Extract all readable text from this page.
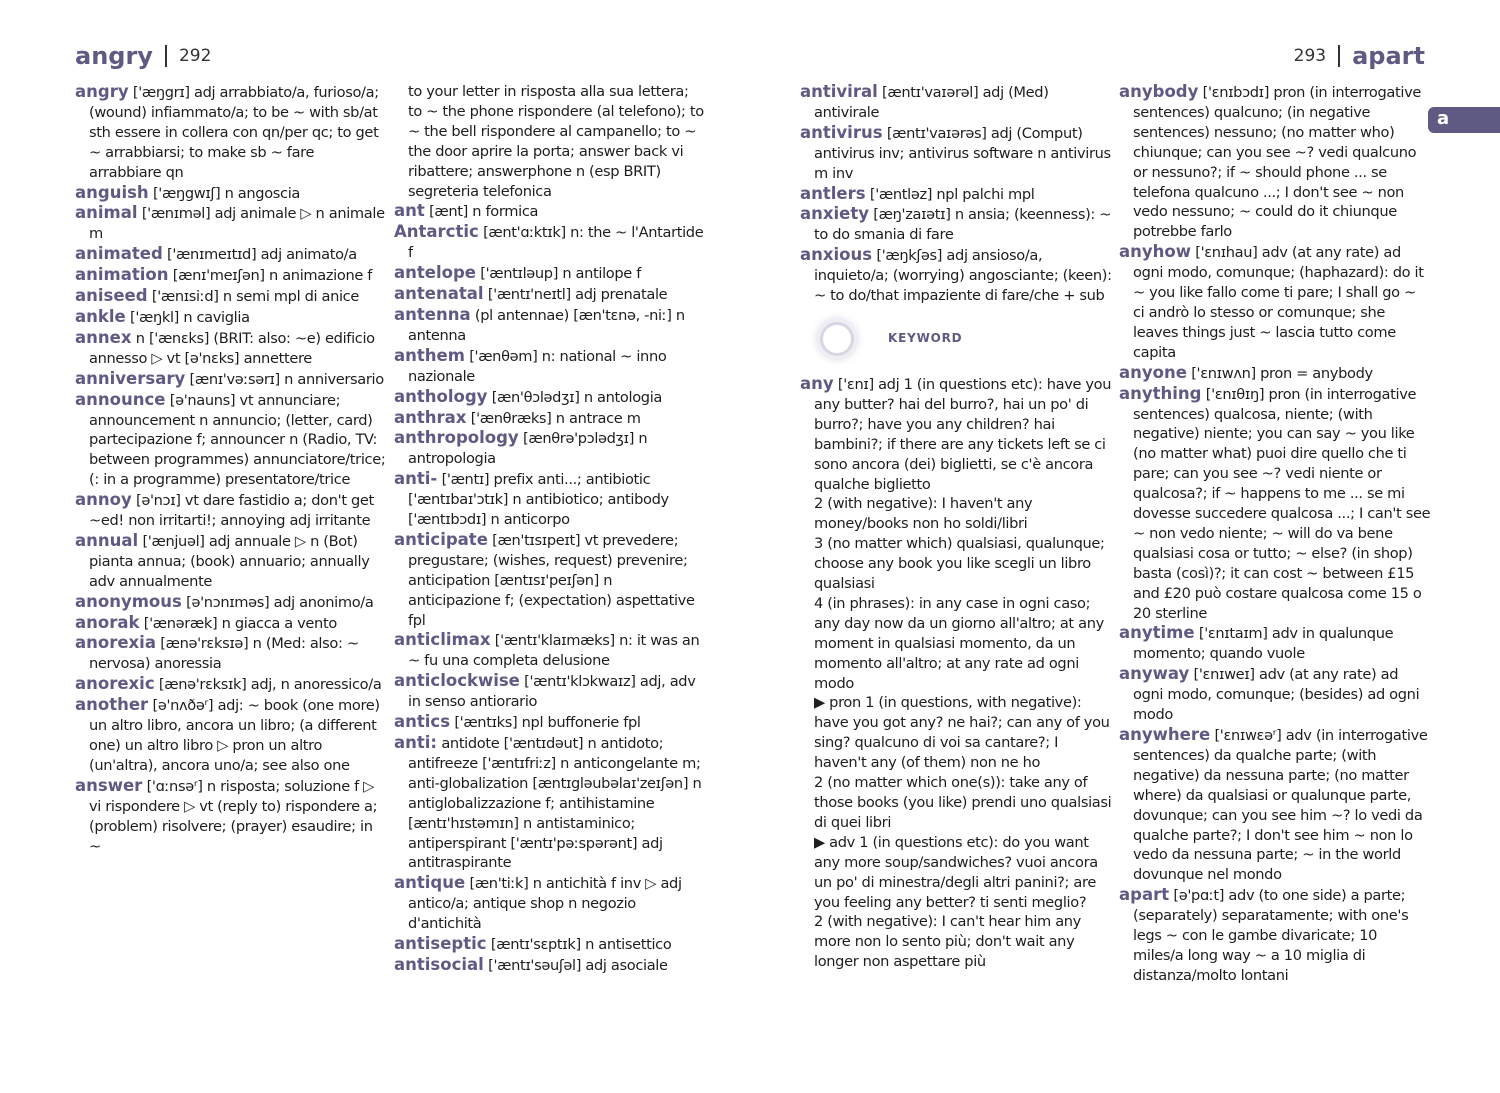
angry 292	293 apart
a

angry ['æŋgrɪ] adj arrabbiato/a, furioso/a; (wound) infiammato/a; to be ~ with sb/at sth essere in collera con qn/per qc; to get ~ arrabbiarsi; to make sb ~ fare arrabbiare qn

anguish ['æŋgwɪʃ] n angoscia

animal ['ænɪməl] adj animale ▷ n animale m

animated ['ænɪmeɪtɪd] adj animato/a

animation [ænɪ'meɪʃən] n animazione f

aniseed ['ænɪsiːd] n semi mpl di anice

ankle ['æŋkl] n caviglia

annex n ['ænɛks] (BRIT: also: ~e) edificio annesso ▷ vt [ə'nɛks] annettere

anniversary [ænɪ'vəːsərɪ] n anniversario

announce [ə'nauns] vt annunciare; announcement n annuncio; (letter, card) partecipazione f; announcer n (Radio, TV: between programmes) annunciatore/trice; (: in a programme) presentatore/trice

annoy [ə'nɔɪ] vt dare fastidio a; don't get ~ed! non irritarti!; annoying adj irritante

annual ['ænjuəl] adj annuale ▷ n (Bot) pianta annua; (book) annuario; annually adv annualmente

anonymous [ə'nɔnɪməs] adj anonimo/a

anorak ['ænəræk] n giacca a vento

anorexia [ænə'rɛksɪə] n (Med: also: ~ nervosa) anoressia

anorexic [ænə'rɛksɪk] adj, n anoressico/a

another [ə'nʌðəʳ] adj: ~ book (one more) un altro libro, ancora un libro; (a different one) un altro libro ▷ pron un altro (un'altra), ancora uno/a; see also one

answer ['ɑːnsəʳ] n risposta; soluzione f ▷ vi rispondere ▷ vt (reply to) rispondere a; (problem) risolvere; (prayer) esaudire; in ~

to your letter in risposta alla sua lettera; to ~ the phone rispondere (al telefono); to ~ the bell rispondere al campanello; to ~ the door aprire la porta; answer back vi ribattere; answerphone n (esp BRIT) segreteria telefonica

ant [ænt] n formica

Antarctic [ænt'ɑːktɪk] n: the ~ l'Antartide f

antelope ['æntɪləup] n antilope f

antenatal ['æntɪ'neɪtl] adj prenatale

antenna (pl antennae) [æn'tɛnə, -niː] n antenna

anthem ['ænθəm] n: national ~ inno nazionale

anthology [æn'θɔlədʒɪ] n antologia

anthrax ['ænθræks] n antrace m

anthropology [ænθrə'pɔlədʒɪ] n antropologia

anti- ['æntɪ] prefix anti...; antibiotic ['æntɪbaɪ'ɔtɪk] n antibiotico; antibody ['æntɪbɔdɪ] n anticorpo

anticipate [æn'tɪsɪpeɪt] vt prevedere; pregustare; (wishes, request) prevenire; anticipation [æntɪsɪ'peɪʃən] n anticipazione f; (expectation) aspettative fpl

anticlimax ['æntɪ'klaɪmæks] n: it was an ~ fu una completa delusione

anticlockwise ['æntɪ'klɔkwaɪz] adj, adv in senso antiorario

antics ['æntɪks] npl buffonerie fpl

anti: antidote ['æntɪdəut] n antidoto; antifreeze ['æntɪfriːz] n anticongelante m; anti-globalization [æntɪgləubəlaɪ'zeɪʃən] n antiglobalizzazione f; antihistamine [æntɪ'hɪstəmɪn] n antistaminico; antiperspirant ['æntɪ'pəːspərənt] adj antitraspirante

antique [æn'tiːk] n antichità f inv ▷ adj antico/a; antique shop n negozio d'antichità

antiseptic [æntɪ'sɛptɪk] n antisettico

antisocial ['æntɪ'səuʃəl] adj asociale

antiviral [æntɪ'vaɪərəl] adj (Med) antivirale

antivirus [æntɪ'vaɪərəs] adj (Comput) antivirus inv; antivirus software n antivirus m inv

antlers ['æntləz] npl palchi mpl

anxiety [æŋ'zaɪətɪ] n ansia; (keenness): ~ to do smania di fare

anxious ['æŋkʃəs] adj ansioso/a, inquieto/a; (worrying) angosciante; (keen): ~ to do/that impaziente di fare/che + sub

KEYWORD

any ['ɛnɪ] adj 1 (in questions etc): have you any butter? hai del burro?, hai un po' di burro?; have you any children? hai bambini?; if there are any tickets left se ci sono ancora (dei) biglietti, se c'è ancora qualche biglietto

2 (with negative): I haven't any money/books non ho soldi/libri

3 (no matter which) qualsiasi, qualunque; choose any book you like scegli un libro qualsiasi

4 (in phrases): in any case in ogni caso; any day now da un giorno all'altro; at any moment in qualsiasi momento, da un momento all'altro; at any rate ad ogni modo

▶ pron 1 (in questions, with negative): have you got any? ne hai?; can any of you sing? qualcuno di voi sa cantare?; I haven't any (of them) non ne ho

2 (no matter which one(s)): take any of those books (you like) prendi uno qualsiasi di quei libri

▶ adv 1 (in questions etc): do you want any more soup/sandwiches? vuoi ancora un po' di minestra/degli altri panini?; are you feeling any better? ti senti meglio?

2 (with negative): I can't hear him any more non lo sento più; don't wait any longer non aspettare più

anybody ['ɛnɪbɔdɪ] pron (in interrogative sentences) qualcuno; (in negative sentences) nessuno; (no matter who) chiunque; can you see ~? vedi qualcuno or nessuno?; if ~ should phone ... se telefona qualcuno ...; I don't see ~ non vedo nessuno; ~ could do it chiunque potrebbe farlo

anyhow ['ɛnɪhau] adv (at any rate) ad ogni modo, comunque; (haphazard): do it ~ you like fallo come ti pare; I shall go ~ ci andrò lo stesso or comunque; she leaves things just ~ lascia tutto come capita

anyone ['ɛnɪwʌn] pron = anybody

anything ['ɛnɪθɪŋ] pron (in interrogative sentences) qualcosa, niente; (with negative) niente; you can say ~ you like (no matter what) puoi dire quello che ti pare; can you see ~? vedi niente or qualcosa?; if ~ happens to me ... se mi dovesse succedere qualcosa ...; I can't see ~ non vedo niente; ~ will do va bene qualsiasi cosa or tutto; ~ else? (in shop) basta (così)?; it can cost ~ between £15 and £20 può costare qualcosa come 15 o 20 sterline

anytime ['ɛnɪtaɪm] adv in qualunque momento; quando vuole

anyway ['ɛnɪweɪ] adv (at any rate) ad ogni modo, comunque; (besides) ad ogni modo

anywhere ['ɛnɪwɛəʳ] adv (in interrogative sentences) da qualche parte; (with negative) da nessuna parte; (no matter where) da qualsiasi or qualunque parte, dovunque; can you see him ~? lo vedi da qualche parte?; I don't see him ~ non lo vedo da nessuna parte; ~ in the world dovunque nel mondo

apart [ə'pɑːt] adv (to one side) a parte; (separately) separatamente; with one's legs ~ con le gambe divaricate; 10 miles/a long way ~ a 10 miglia di distanza/molto lontani
